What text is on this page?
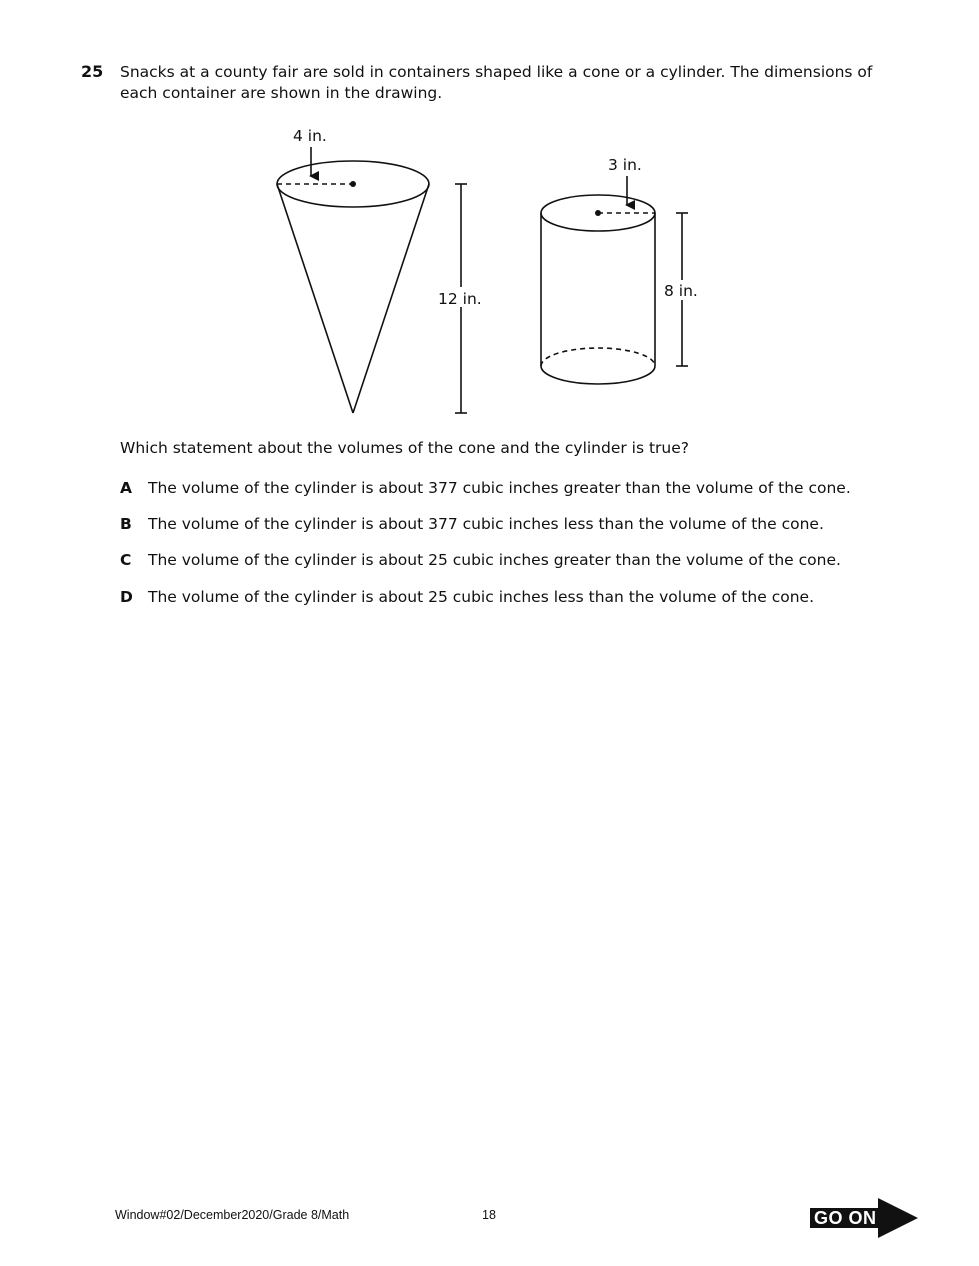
25 Snacks at a county fair are sold in containers shaped like a cone or a cylinder. The dimensions of each container are shown in the drawing.
4 in.
12 in.
3 in.
8 in.
Which statement about the volumes of the cone and the cylinder is true?
A The volume of the cylinder is about 377 cubic inches greater than the volume of the cone.
B The volume of the cylinder is about 377 cubic inches less than the volume of the cone.
C The volume of the cylinder is about 25 cubic inches greater than the volume of the cone.
D The volume of the cylinder is about 25 cubic inches less than the volume of the cone.
Window#02/December2020/Grade 8/Math	18	GO ON
